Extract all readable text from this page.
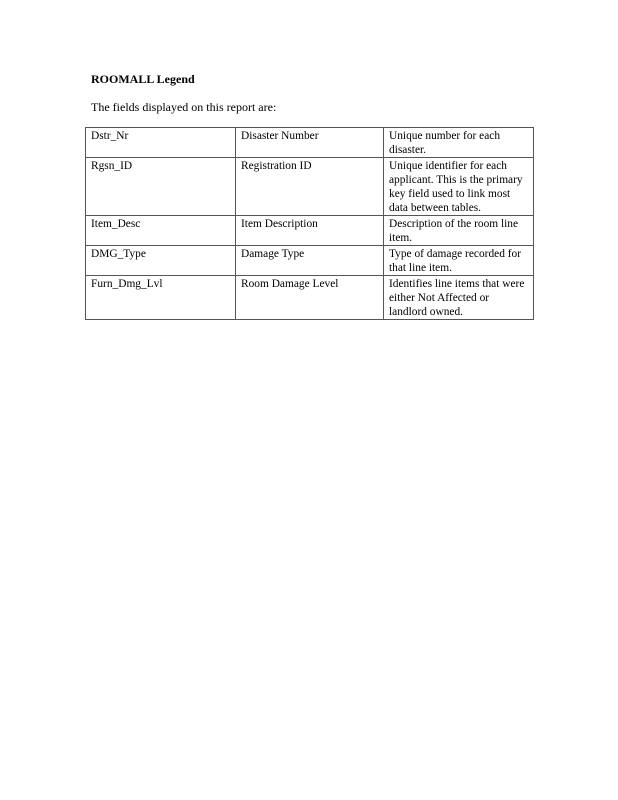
ROOMALL Legend
The fields displayed on this report are:
Dstr_Nr	Disaster Number	Unique number for each disaster.
Rgsn_ID	Registration ID	Unique identifier for each applicant. This is the primary key field used to link most data between tables.
Item_Desc	Item Description	Description of the room line item.
DMG_Type	Damage Type	Type of damage recorded for that line item.
Furn_Dmg_Lvl	Room Damage Level	Identifies line items that were either Not Affected or landlord owned.
